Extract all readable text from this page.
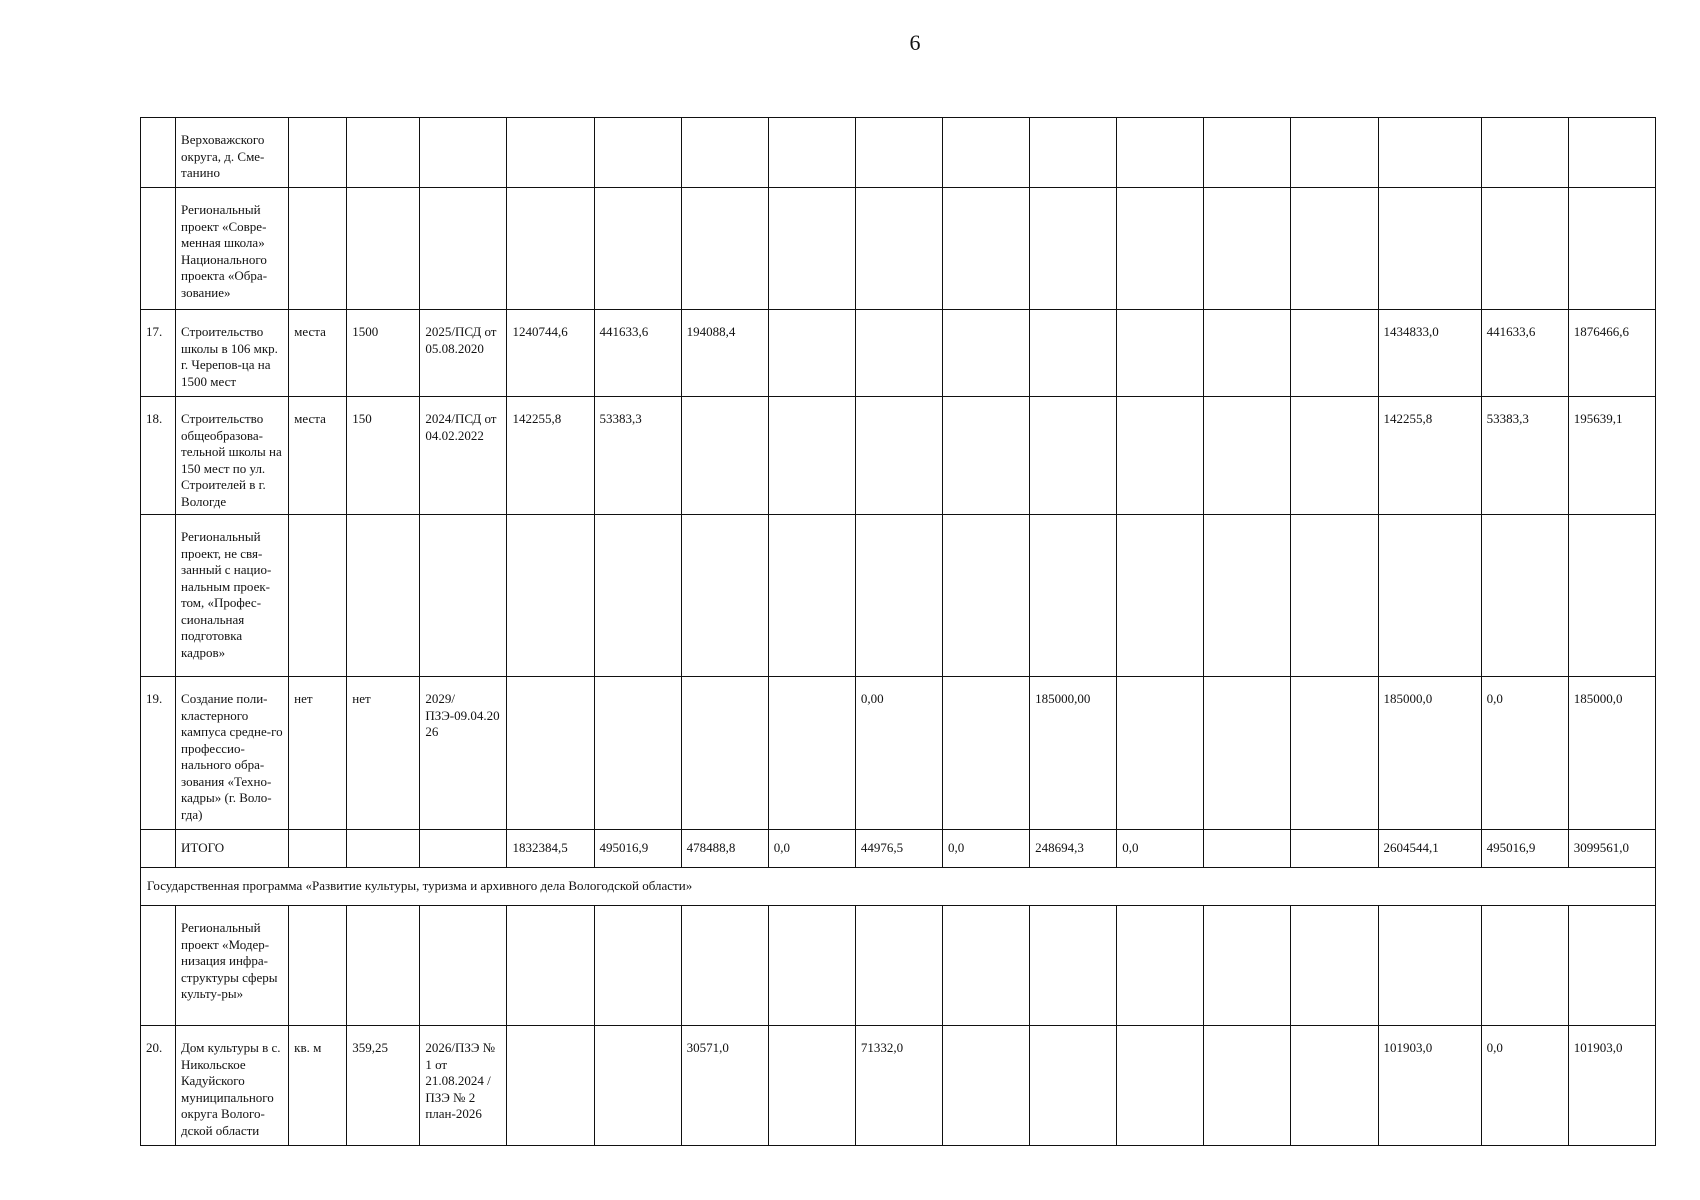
6
	Верховажского округа, д. Сме-танино																
	Региональный проект «Совре-менная школа» Национального проекта «Обра-зование»																
17.	Строительство школы в 106 мкр. г. Черепов-ца на 1500 мест	места	1500	2025/ПСД от 05.08.2020	1240744,6	441633,6	194088,4								1434833,0	441633,6	1876466,6
18.	Строительство общеобразова-тельной школы на 150 мест по ул. Строителей в г. Вологде	места	150	2024/ПСД от 04.02.2022	142255,8	53383,3									142255,8	53383,3	195639,1
	Региональный проект, не свя-занный с нацио-нальным проек-том, «Профес-сиональная подготовка кадров»																
19.	Создание поли-кластерного кампуса средне-го профессио-нального обра-зования «Техно-кадры» (г. Воло-гда)	нет	нет	2029/ПЗЭ-09.04.2026					0,00		185000,00				185000,0	0,0	185000,0
	ИТОГО				1832384,5	495016,9	478488,8	0,0	44976,5	0,0	248694,3	0,0			2604544,1	495016,9	3099561,0
Государственная программа «Развитие культуры, туризма и архивного дела Вологодской области»																	
	Региональный проект «Модер-низация инфра-структуры сферы культу-ры»																
20.	Дом культуры в с. Никольское Кадуйского муниципального округа Волого-дской области	кв. м	359,25	2026/ПЗЭ № 1 от 21.08.2024 /ПЗЭ № 2 план-2026			30571,0		71332,0						101903,0	0,0	101903,0
